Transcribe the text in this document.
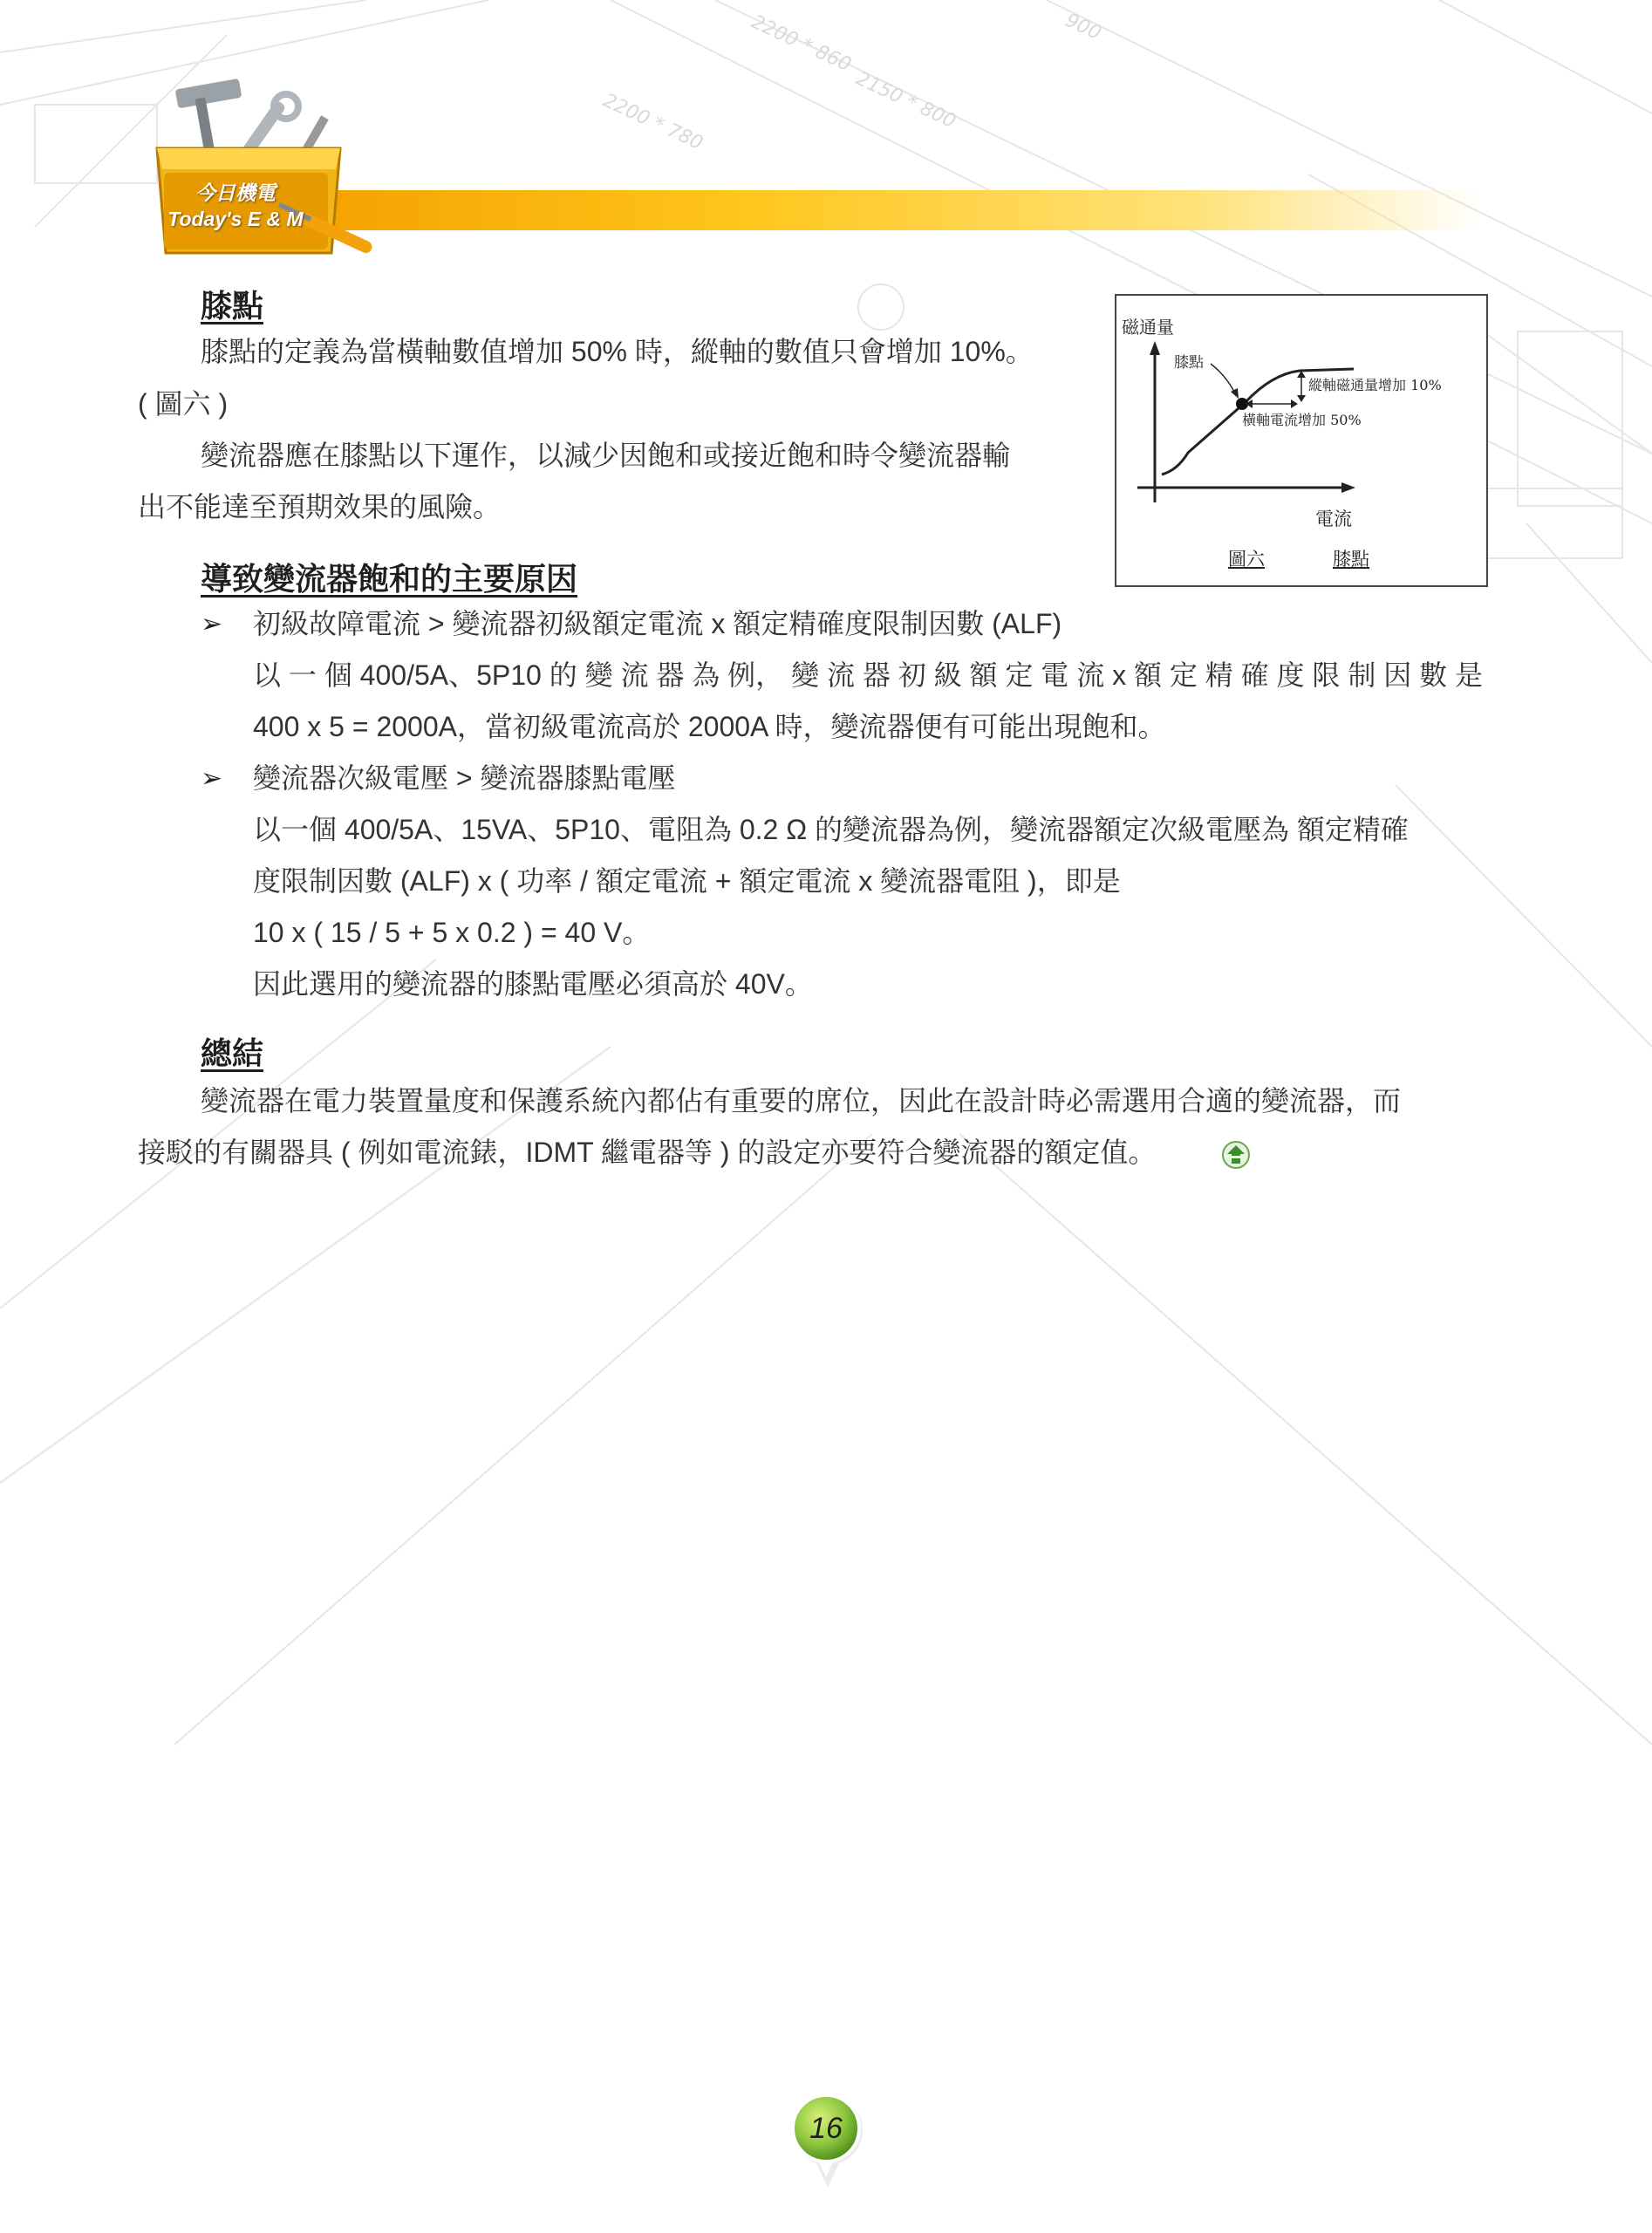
2200 * 860
2150 * 800
2200 * 780
900
今日機電
Today's E & M
膝點
膝點的定義為當橫軸數值增加 50% 時，縱軸的數值只會增加 10%。
( 圖六 )
變流器應在膝點以下運作，以減少因飽和或接近飽和時令變流器輸
出不能達至預期效果的風險。
磁通量
膝點
縱軸磁通量增加 10%
橫軸電流增加 50%
電流
圖六	膝點
導致變流器飽和的主要原因
➢ 初級故障電流 > 變流器初級額定電流 x 額定精確度限制因數 (ALF)
以 一 個 400/5A、5P10 的 變 流 器 為 例， 變 流 器 初 級 額 定 電 流 x 額 定 精 確 度 限 制 因 數 是
400 x 5 = 2000A，當初級電流高於 2000A 時，變流器便有可能出現飽和。
➢ 變流器次級電壓 > 變流器膝點電壓
以一個 400/5A、15VA、5P10、電阻為 0.2 Ω 的變流器為例，變流器額定次級電壓為 額定精確
度限制因數 (ALF) x ( 功率 / 額定電流 + 額定電流 x 變流器電阻 )，即是
10 x ( 15 / 5 + 5 x 0.2 ) = 40 V。
因此選用的變流器的膝點電壓必須高於 40V。
總結
變流器在電力裝置量度和保護系統內都佔有重要的席位，因此在設計時必需選用合適的變流器，而
接駁的有關器具 ( 例如電流錶，IDMT 繼電器等 ) 的設定亦要符合變流器的額定值。
16
